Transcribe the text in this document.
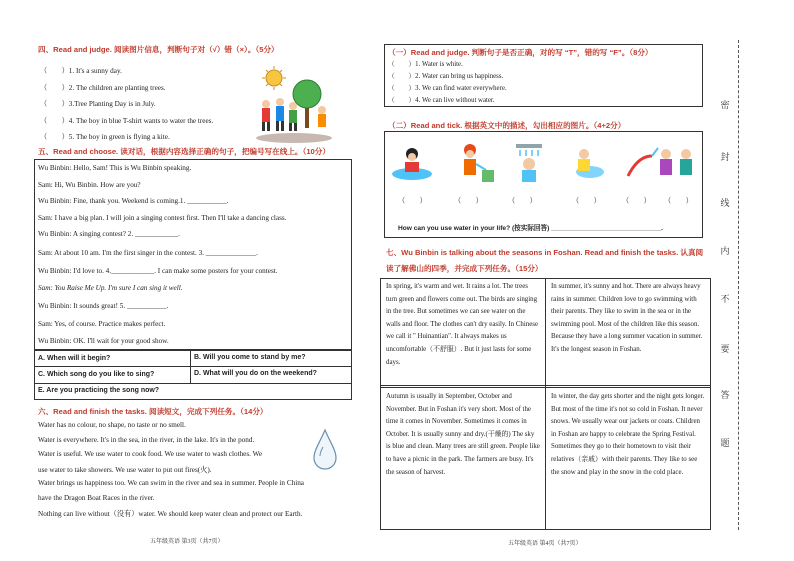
四、Read and judge. 阅读图片信息，判断句子对（√）错（×）。（5分）
（　　）1. It's a sunny day.
（　　）2. The children are planting trees.
（　　）3.Tree Planting Day is in July.
（　　）4. The boy in blue T-shirt wants to water the trees.
（　　）5. The boy in green is flying a kite.
五、Read and choose. 读对话，根据内容选择正确的句子，把编号写在线上。（10分）
Wu Binbin: Hello, Sam! This is Wu Binbin speaking.
Sam: Hi, Wu Binbin. How are you?
Wu Binbin: Fine, thank you. Weekend is coming.1. ___________.
Sam: I have a big plan. I will join a singing contest first. Then I'll take a dancing class.
Wu Binbin: A singing contest? 2. ____________.
Sam: At about 10 am. I'm the first singer in the contest. 3. ______________.
Wu Binbin: I'd love to. 4.____________. I can make some posters for your contest.
Sam: You Raise Me Up. I'm sure I can sing it well.
Wu Binbin: It sounds great! 5. ___________.
Sam: Yes, of course. Practice makes perfect.
Wu Binbin: OK. I'll wait for your good show.
A. When will it begin?	B. Will you come to stand by me?
C. Which song do you like to sing?	D. What will you do on the weekend?
E. Are you practicing the song now?
六、Read and finish the tasks. 阅读短文，完成下列任务。（14分）
Water has no colour, no shape, no taste or no smell.
Water is everywhere. It's in the sea, in the river, in the lake. It's in the pond.
Water is useful. We use water to cook food. We use water to wash clothes. We
use water to take showers. We use water to put out fires(火).
Water brings us happiness too. We can swim in the river and sea in summer. People in China
have the Dragon Boat Races in the river.
Nothing can live without（没有）water. We should keep water clean and protect our Earth.
五年级英语 第3页（共7页）
（一）Read and judge. 判断句子是否正确，对的写 “T”，错的写 “F”。（8分）
（　　）1. Water is white.
（　　）2. Water can bring us happiness.
（　　）3. We can find water everywhere.
（　　）4. We can live without water.
（二）Read and tick. 根据英文中的描述，勾出相应的图片。（4+2分）
（　　）	（　　）	（　　）	（　　）	（　　） （　　）
How can you use water in your life? (按实际回答) ______________________________.
七、Wu Binbin is talking about the seasons in Foshan. Read and finish the tasks. 认真阅
读了解佛山的四季，并完成下列任务。（15分）
In spring, it's warm and wet. It rains a lot. The trees turn green and flowers come out. The birds are singing in the tree. But sometimes we can see water on the walls and floor. The clothes can't dry easily. In Chinese we call it " Huinantian". It always makes us uncomfortable（不舒服）. But it just lasts for some days.
In summer, it's sunny and hot. There are always heavy rains in summer. Children love to go swimming with their parents. They like to swim in the sea or in the swimming pool. Most of the children like this season. Because they have a long summer vacation in summer. It's the longest season in Foshan.
Autumn is usually in September, October and November. But in Foshan it's very short. Most of the time it comes in November. Sometimes it comes in October. It is usually sunny and dry.(干燥的) The sky is blue and clean. Many trees are still green. People like to have a picnic in the park. The farmers are busy. It's the season of harvest.
In winter, the day gets shorter and the night gets longer. But most of the time it's not so cold in Foshan. It never snows. We usually wear our jackets or coats. Children in Foshan are happy to celebrate the Spring Festival. Sometimes they go to their hometown to visit their relatives（亲戚）with their parents. They like to see the snow and play in the snow in the cold place.
五年级英语 第4页（共7页）
密
封
线
内
不
要
答
题
